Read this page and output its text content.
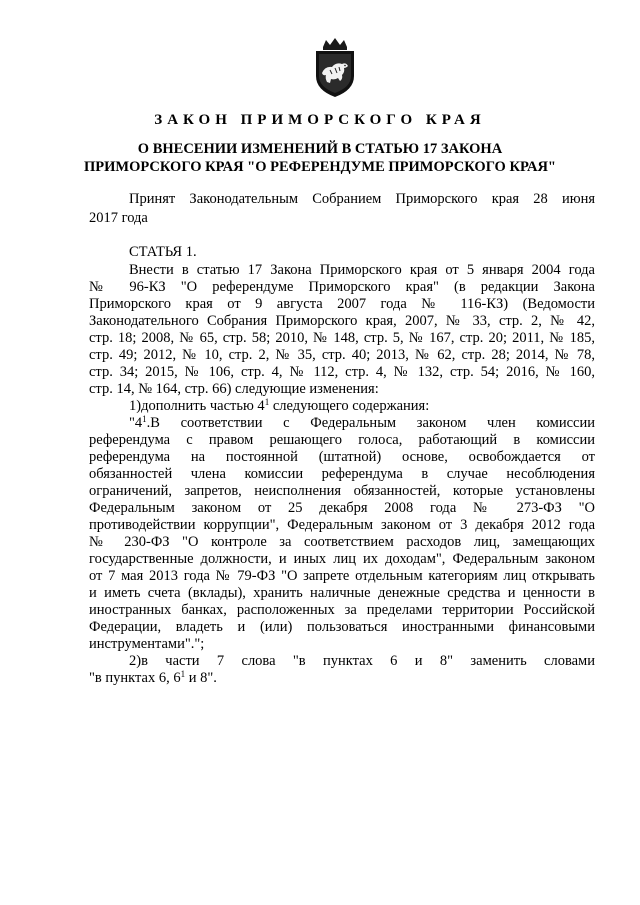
ЗАКОН ПРИМОРСКОГО КРАЯ
О ВНЕСЕНИИ ИЗМЕНЕНИЙ В СТАТЬЮ 17 ЗАКОНА
ПРИМОРСКОГО КРАЯ "О РЕФЕРЕНДУМЕ ПРИМОРСКОГО КРАЯ"
Принят Законодательным Собранием Приморского края 28 июня
2017 года
СТАТЬЯ 1.

Внести в статью 17 Закона Приморского края от 5 января 2004 года
№ 96-КЗ "О референдуме Приморского края" (в редакции Закона
Приморского края от 9 августа 2007 года № 116-КЗ) (Ведомости
Законодательного Собрания Приморского края, 2007, № 33, стр. 2, № 42,
стр. 18; 2008, № 65, стр. 58; 2010, № 148, стр. 5, № 167, стр. 20; 2011, № 185,
стр. 49; 2012, № 10, стр. 2, № 35, стр. 40; 2013, № 62, стр. 28; 2014, № 78,
стр. 34; 2015, № 106, стр. 4, № 112, стр. 4, № 132, стр. 54; 2016, № 160,
стр. 14, № 164, стр. 66) следующие изменения:

1)дополнить частью $4^1$ следующего содержания:

"$4^1.В$ соответствии с Федеральным законом член комиссии
референдума с правом решающего голоса, работающий в комиссии
референдума на постоянной (штатной) основе, освобождается от
обязанностей члена комиссии референдума в случае несоблюдения
ограничений, запретов, неисполнения обязанностей, которые установлены
Федеральным законом от 25 декабря 2008 года № 273-ФЗ "О
противодействии коррупции", Федеральным законом от 3 декабря 2012 года
№ 230-ФЗ "О контроле за соответствием расходов лиц, замещающих
государственные должности, и иных лиц их доходам", Федеральным законом
от 7 мая 2013 года № 79-ФЗ "О запрете отдельным категориям лиц открывать
и иметь счета (вклады), хранить наличные денежные средства и ценности в
иностранных банках, расположенных за пределами территории Российской
Федерации, владеть и (или) пользоваться иностранными финансовыми
инструментами".";

2)в части 7 слова "в пунктах 6 и 8" заменить словами
"в пунктах 6, $6^1$ и 8".
